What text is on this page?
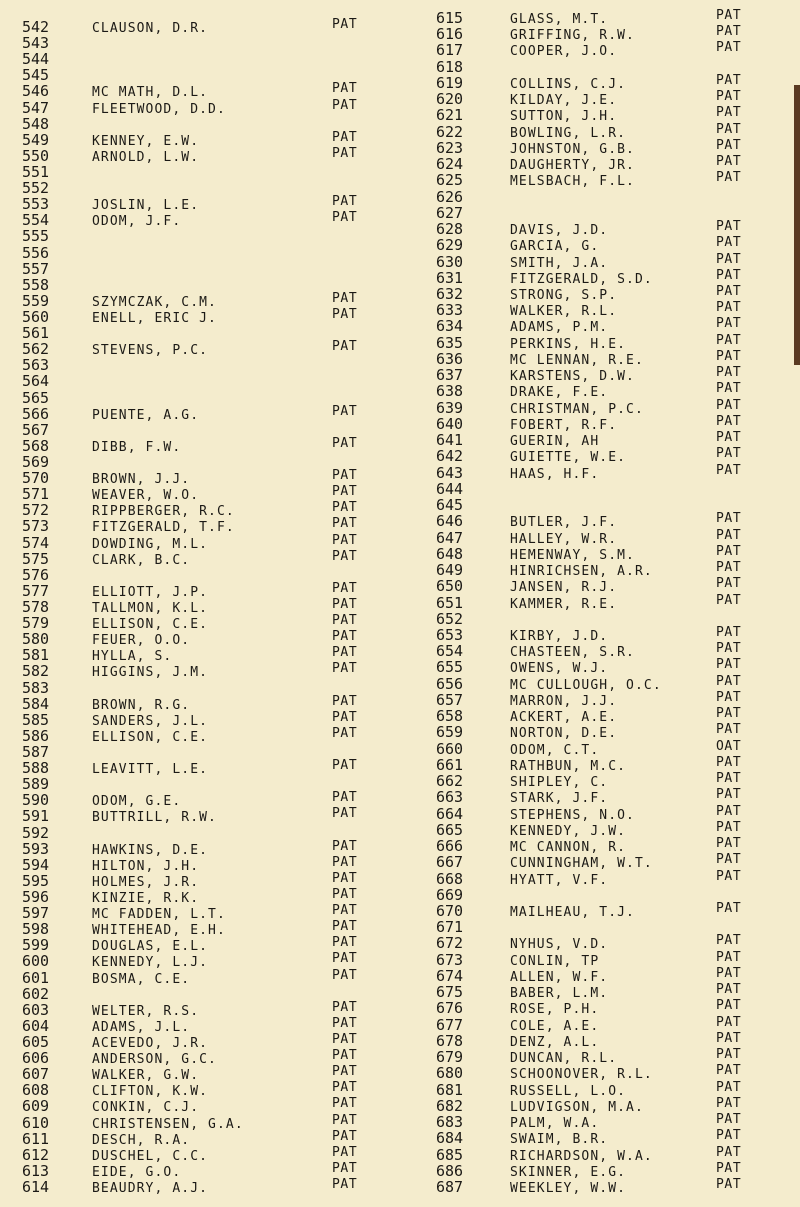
542	CLAUSON, D.R.	PAT
543
544
545
546	MC MATH, D.L.	PAT
547	FLEETWOOD, D.D.	PAT
548
549	KENNEY, E.W.	PAT
550	ARNOLD, L.W.	PAT
551
552
553	JOSLIN, L.E.	PAT
554	ODOM, J.F.	PAT
555
556
557
558
559	SZYMCZAK, C.M.	PAT
560	ENELL, ERIC J.	PAT
561
562	STEVENS, P.C.	PAT
563
564
565
566	PUENTE, A.G.	PAT
567
568	DIBB, F.W.	PAT
569
570	BROWN, J.J.	PAT
571	WEAVER, W.O.	PAT
572	RIPPBERGER, R.C.	PAT
573	FITZGERALD, T.F.	PAT
574	DOWDING, M.L.	PAT
575	CLARK, B.C.	PAT
576
577	ELLIOTT, J.P.	PAT
578	TALLMON, K.L.	PAT
579	ELLISON, C.E.	PAT
580	FEUER, O.O.	PAT
581	HYLLA, S.	PAT
582	HIGGINS, J.M.	PAT
583
584	BROWN, R.G.	PAT
585	SANDERS, J.L.	PAT
586	ELLISON, C.E.	PAT
587
588	LEAVITT, L.E.	PAT
589
590	ODOM, G.E.	PAT
591	BUTTRILL, R.W.	PAT
592
593	HAWKINS, D.E.	PAT
594	HILTON, J.H.	PAT
595	HOLMES, J.R.	PAT
596	KINZIE, R.K.	PAT
597	MC FADDEN, L.T.	PAT
598	WHITEHEAD, E.H.	PAT
599	DOUGLAS, E.L.	PAT
600	KENNEDY, L.J.	PAT
601	BOSMA, C.E.	PAT
602
603	WELTER, R.S.	PAT
604	ADAMS, J.L.	PAT
605	ACEVEDO, J.R.	PAT
606	ANDERSON, G.C.	PAT
607	WALKER, G.W.	PAT
608	CLIFTON, K.W.	PAT
609	CONKIN, C.J.	PAT
610	CHRISTENSEN, G.A.	PAT
611	DESCH, R.A.	PAT
612	DUSCHEL, C.C.	PAT
613	EIDE, G.O.	PAT
614	BEAUDRY, A.J.	PAT
615	GLASS, M.T.	PAT
616	GRIFFING, R.W.	PAT
617	COOPER, J.O.	PAT
618
619	COLLINS, C.J.	PAT
620	KILDAY, J.E.	PAT
621	SUTTON, J.H.	PAT
622	BOWLING, L.R.	PAT
623	JOHNSTON, G.B.	PAT
624	DAUGHERTY, JR.	PAT
625	MELSBACH, F.L.	PAT
626
627
628	DAVIS, J.D.	PAT
629	GARCIA, G.	PAT
630	SMITH, J.A.	PAT
631	FITZGERALD, S.D.	PAT
632	STRONG, S.P.	PAT
633	WALKER, R.L.	PAT
634	ADAMS, P.M.	PAT
635	PERKINS, H.E.	PAT
636	MC LENNAN, R.E.	PAT
637	KARSTENS, D.W.	PAT
638	DRAKE, F.E.	PAT
639	CHRISTMAN, P.C.	PAT
640	FOBERT, R.F.	PAT
641	GUERIN, AH	PAT
642	GUIETTE, W.E.	PAT
643	HAAS, H.F.	PAT
644
645
646	BUTLER, J.F.	PAT
647	HALLEY, W.R.	PAT
648	HEMENWAY, S.M.	PAT
649	HINRICHSEN, A.R.	PAT
650	JANSEN, R.J.	PAT
651	KAMMER, R.E.	PAT
652
653	KIRBY, J.D.	PAT
654	CHASTEEN, S.R.	PAT
655	OWENS, W.J.	PAT
656	MC CULLOUGH, O.C.	PAT
657	MARRON, J.J.	PAT
658	ACKERT, A.E.	PAT
659	NORTON, D.E.	PAT
660	ODOM, C.T.	OAT
661	RATHBUN, M.C.	PAT
662	SHIPLEY, C.	PAT
663	STARK, J.F.	PAT
664	STEPHENS, N.O.	PAT
665	KENNEDY, J.W.	PAT
666	MC CANNON, R.	PAT
667	CUNNINGHAM, W.T.	PAT
668	HYATT, V.F.	PAT
669
670	MAILHEAU, T.J.	PAT
671
672	NYHUS, V.D.	PAT
673	CONLIN, TP	PAT
674	ALLEN, W.F.	PAT
675	BABER, L.M.	PAT
676	ROSE, P.H.	PAT
677	COLE, A.E.	PAT
678	DENZ, A.L.	PAT
679	DUNCAN, R.L.	PAT
680	SCHOONOVER, R.L.	PAT
681	RUSSELL, L.O.	PAT
682	LUDVIGSON, M.A.	PAT
683	PALM, W.A.	PAT
684	SWAIM, B.R.	PAT
685	RICHARDSON, W.A.	PAT
686	SKINNER, E.G.	PAT
687	WEEKLEY, W.W.	PAT
